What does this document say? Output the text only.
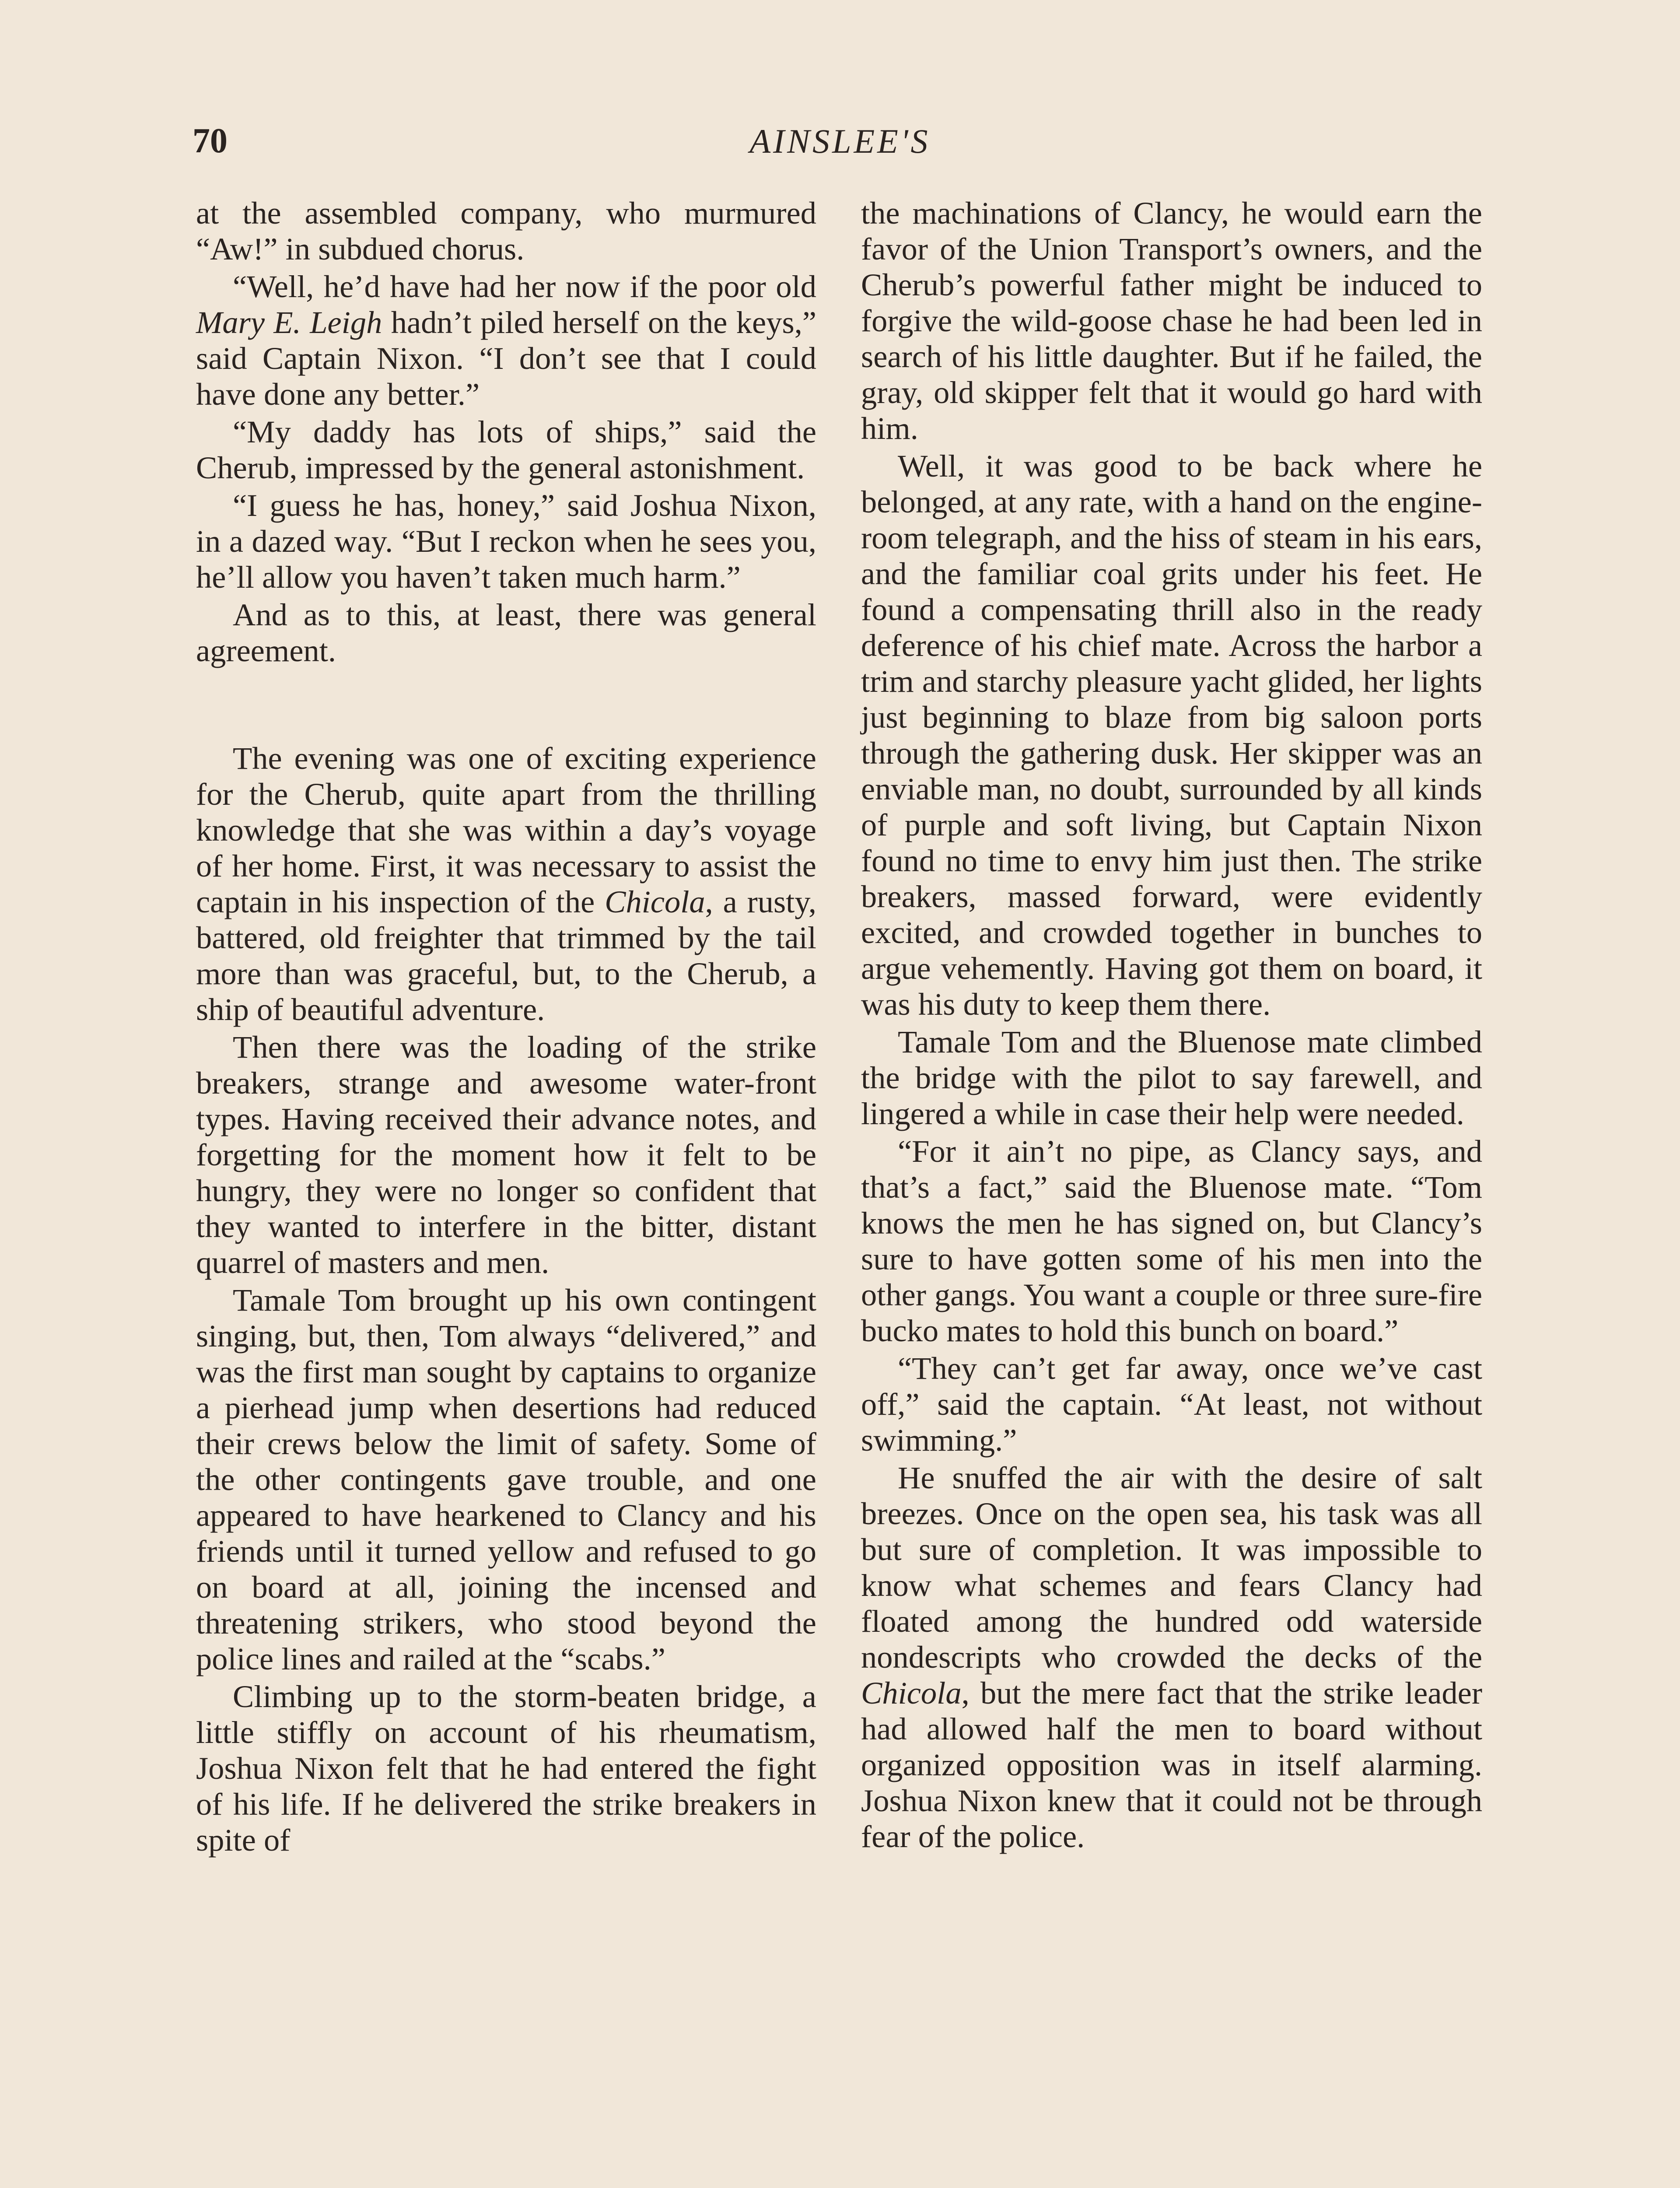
70	AINSLEE'S

at the assembled company, who murmured “Aw!” in subdued chorus.

“Well, he’d have had her now if the poor old Mary E. Leigh hadn’t piled herself on the keys,” said Captain Nixon. “I don’t see that I could have done any better.”

“My daddy has lots of ships,” said the Cherub, impressed by the general astonishment.

“I guess he has, honey,” said Joshua Nixon, in a dazed way. “But I reckon when he sees you, he’ll allow you haven’t taken much harm.”

And as to this, at least, there was general agreement.

The evening was one of exciting experience for the Cherub, quite apart from the thrilling knowledge that she was within a day’s voyage of her home. First, it was necessary to assist the captain in his inspection of the Chicola, a rusty, battered, old freighter that trimmed by the tail more than was graceful, but, to the Cherub, a ship of beautiful adventure.

Then there was the loading of the strike breakers, strange and awesome water-front types. Having received their advance notes, and forgetting for the moment how it felt to be hungry, they were no longer so confident that they wanted to interfere in the bitter, distant quarrel of masters and men.

Tamale Tom brought up his own contingent singing, but, then, Tom always “delivered,” and was the first man sought by captains to organize a pierhead jump when desertions had reduced their crews below the limit of safety. Some of the other contingents gave trouble, and one appeared to have hearkened to Clancy and his friends until it turned yellow and refused to go on board at all, joining the incensed and threatening strikers, who stood beyond the police lines and railed at the “scabs.”

Climbing up to the storm-beaten bridge, a little stiffly on account of his rheumatism, Joshua Nixon felt that he had entered the fight of his life. If he delivered the strike breakers in spite of

the machinations of Clancy, he would earn the favor of the Union Transport’s owners, and the Cherub’s powerful father might be induced to forgive the wild-goose chase he had been led in search of his little daughter. But if he failed, the gray, old skipper felt that it would go hard with him.

Well, it was good to be back where he belonged, at any rate, with a hand on the engine-room telegraph, and the hiss of steam in his ears, and the familiar coal grits under his feet. He found a compensating thrill also in the ready deference of his chief mate. Across the harbor a trim and starchy pleasure yacht glided, her lights just beginning to blaze from big saloon ports through the gathering dusk. Her skipper was an enviable man, no doubt, surrounded by all kinds of purple and soft living, but Captain Nixon found no time to envy him just then. The strike breakers, massed forward, were evidently excited, and crowded together in bunches to argue vehemently. Having got them on board, it was his duty to keep them there.

Tamale Tom and the Bluenose mate climbed the bridge with the pilot to say farewell, and lingered a while in case their help were needed.

“For it ain’t no pipe, as Clancy says, and that’s a fact,” said the Bluenose mate. “Tom knows the men he has signed on, but Clancy’s sure to have gotten some of his men into the other gangs. You want a couple or three sure-fire bucko mates to hold this bunch on board.”

“They can’t get far away, once we’ve cast off,” said the captain. “At least, not without swimming.”

He snuffed the air with the desire of salt breezes. Once on the open sea, his task was all but sure of completion. It was impossible to know what schemes and fears Clancy had floated among the hundred odd waterside nondescripts who crowded the decks of the Chicola, but the mere fact that the strike leader had allowed half the men to board without organized opposition was in itself alarming. Joshua Nixon knew that it could not be through fear of the police.
